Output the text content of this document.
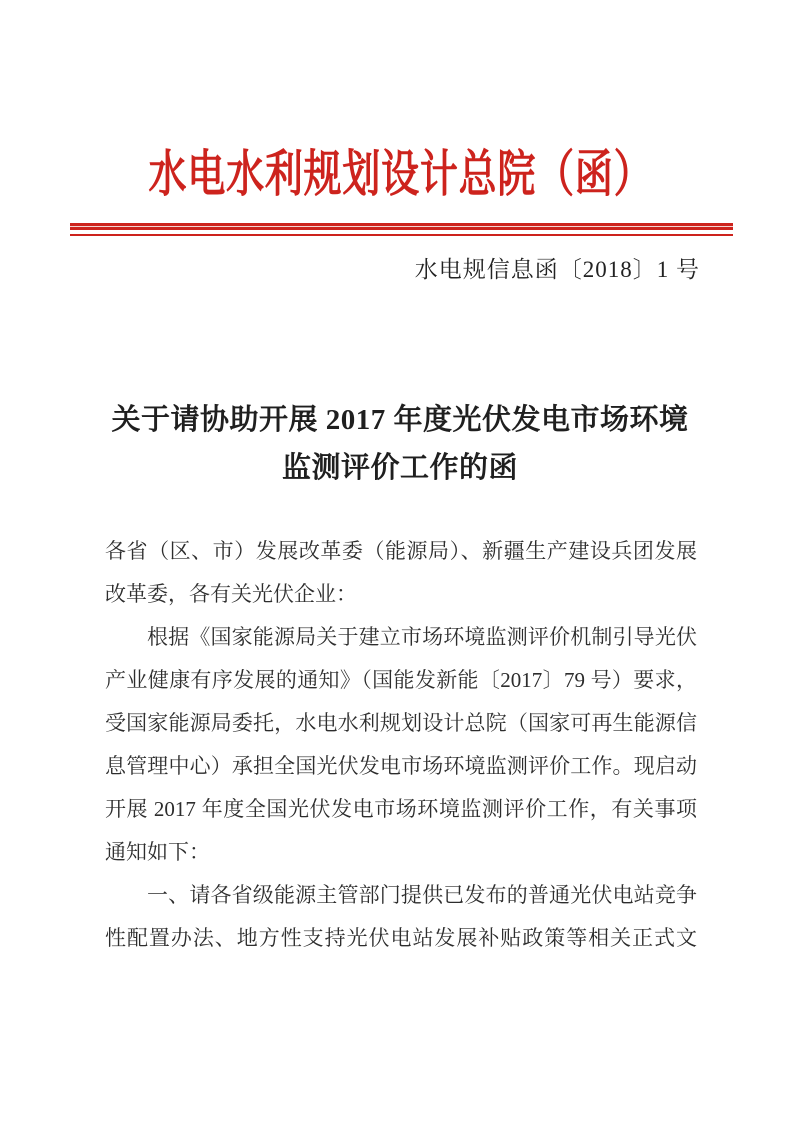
水电水利规划设计总院（函）
水电规信息函〔2018〕1 号
关于请协助开展 2017 年度光伏发电市场环境
监测评价工作的函
各省（区、市）发展改革委（能源局）、新疆生产建设兵团发展
改革委，各有关光伏企业：
根据《国家能源局关于建立市场环境监测评价机制引导光伏
产业健康有序发展的通知》（国能发新能〔2017〕79 号）要求，
受国家能源局委托，水电水利规划设计总院（国家可再生能源信
息管理中心）承担全国光伏发电市场环境监测评价工作。现启动
开展 2017 年度全国光伏发电市场环境监测评价工作，有关事项
通知如下：
一、请各省级能源主管部门提供已发布的普通光伏电站竞争
性配置办法、地方性支持光伏电站发展补贴政策等相关正式文
